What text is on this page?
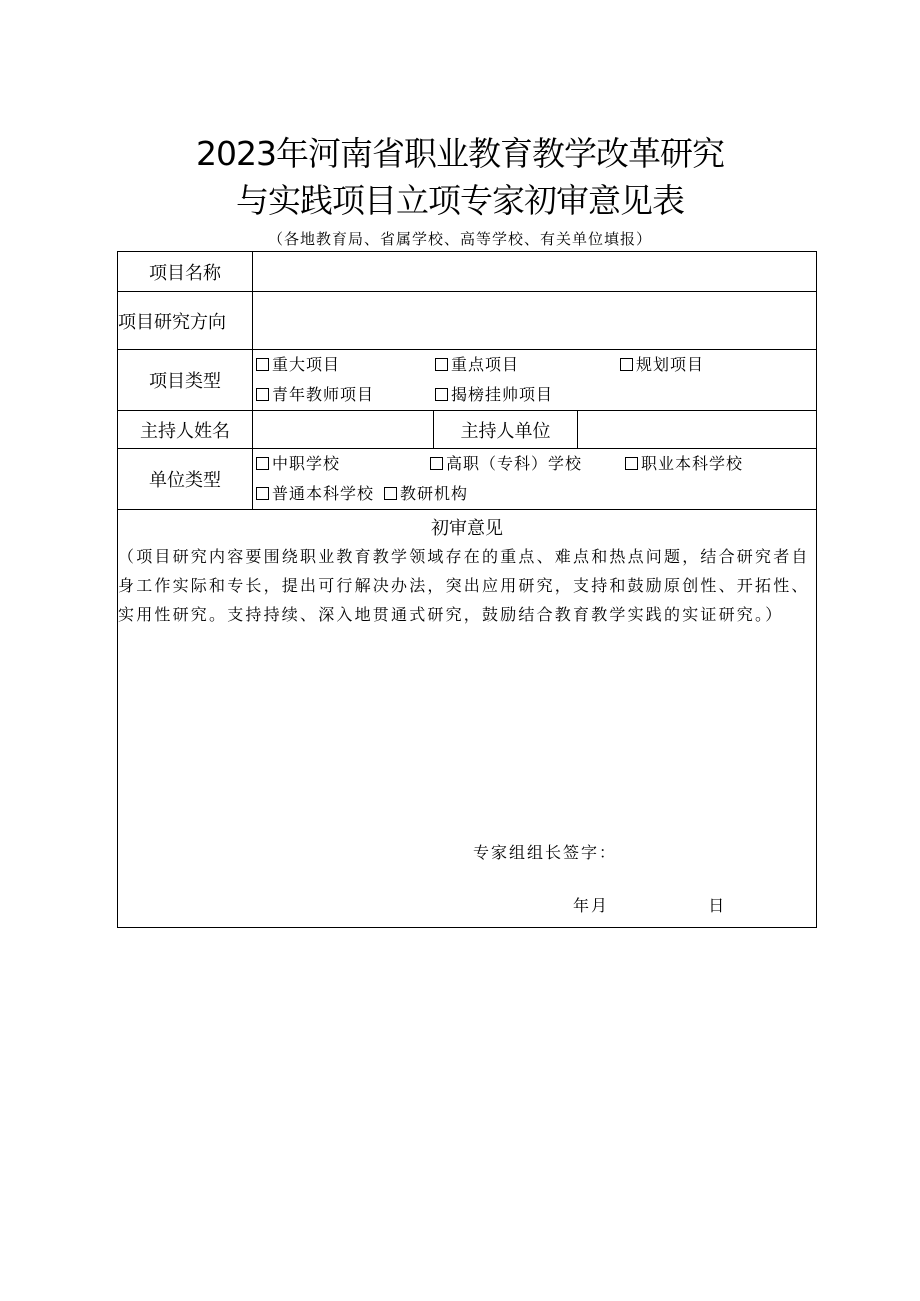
2023年河南省职业教育教学改革研究
与实践项目立项专家初审意见表
（各地教育局、省属学校、高等学校、有关单位填报）
项目名称			
项目研究方向			
项目类型	重大项目 重点项目 规划项目
青年教师项目 揭榜挂帅项目		

主持人姓名		主持人单位	
单位类型	中职学校 高职（专科）学校 职业本科学校
普通本科学校 教研机构		

初审意见
（项目研究内容要围绕职业教育教学领域存在的重点、难点和热点问题，结合研究者自身工作实际和专长，提出可行解决办法，突出应用研究，支持和鼓励原创性、开拓性、实用性研究。支持持续、深入地贯通式研究，鼓励结合教育教学实践的实证研究。）
专家组组长签字：
年月 日			
